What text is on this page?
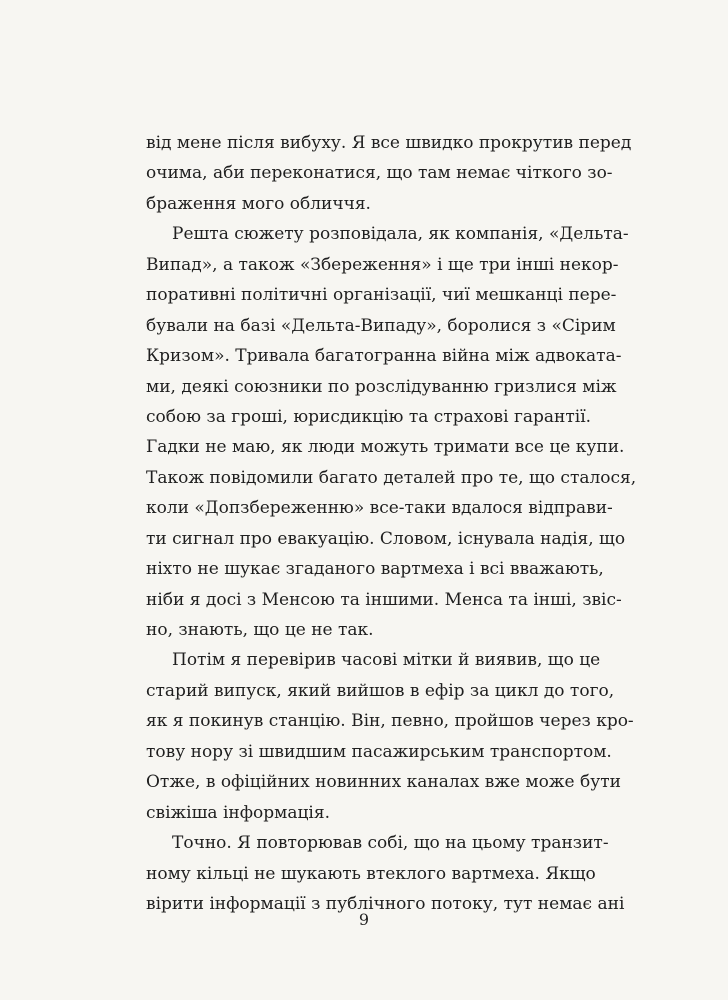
від мене після вибуху. Я все швидко прокрутив перед
очима, аби переконатися, що там немає чіткого зо-
браження мого обличчя.
Решта сюжету розповідала, як компанія, «Дельта-
Випад», а також «Збереження» і ще три інші некор-
поративні політичні організації, чиї мешканці пере-
бували на базі «Дельта-Випаду», боролися з «Сірим
Кризом». Тривала багатогранна війна між адвоката-
ми, деякі союзники по розслідуванню гризлися між
собою за гроші, юрисдикцію та страхові гарантії.
Гадки не маю, як люди можуть тримати все це купи.
Також повідомили багато деталей про те, що сталося,
коли «Допзбереженню» все-таки вдалося відправи-
ти сигнал про евакуацію. Словом, існувала надія, що
ніхто не шукає згаданого вартмеха і всі вважають,
ніби я досі з Менсою та іншими. Менса та інші, звіс-
но, знають, що це не так.
Потім я перевірив часові мітки й виявив, що це
старий випуск, який вийшов в ефір за цикл до того,
як я покинув станцію. Він, певно, пройшов через кро-
тову нору зі швидшим пасажирським транспортом.
Отже, в офіційних новинних каналах вже може бути
свіжіша інформація.
Точно. Я повторював собі, що на цьому транзит-
ному кільці не шукають втеклого вартмеха. Якщо
вірити інформації з публічного потоку, тут немає ані
9
